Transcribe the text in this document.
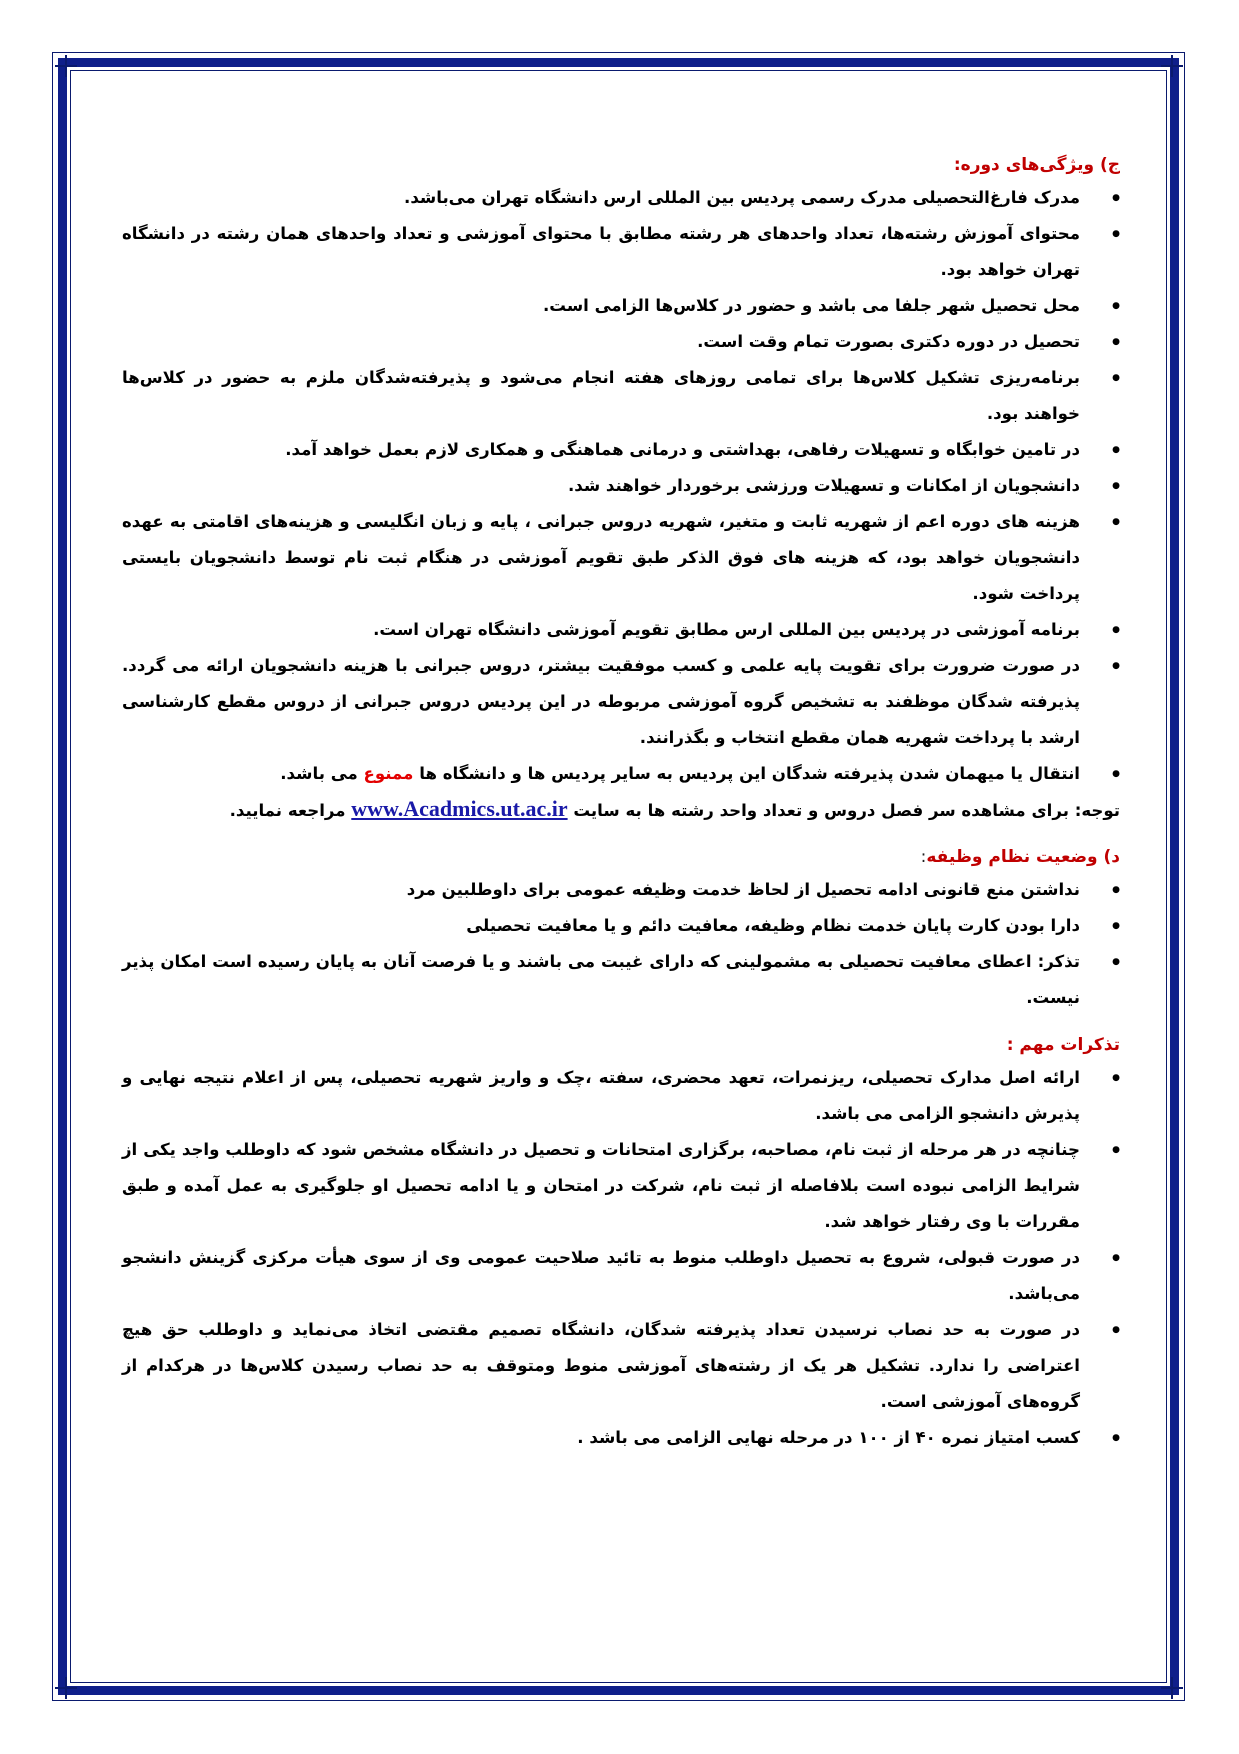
ج) ویژگی‌های دوره:
● مدرک فارغ‌التحصیلی مدرک رسمی پردیس بین المللی ارس دانشگاه تهران می‌باشد.
● محتوای آموزش رشته‌ها، تعداد واحدهای هر رشته مطابق با محتوای آموزشی و تعداد واحدهای همان رشته در دانشگاه تهران خواهد بود.
● محل تحصیل شهر جلفا می باشد و حضور در کلاس‌ها الزامی است.
● تحصیل در دوره دکتری بصورت تمام وقت است.
● برنامه‌ریزی تشکیل کلاس‌ها برای تمامی روزهای هفته انجام می‌شود و پذیرفته‌شدگان ملزم به حضور در کلاس‌ها خواهند بود.
● در تامین خوابگاه و تسهیلات رفاهی، بهداشتی و درمانی هماهنگی و همکاری لازم بعمل خواهد آمد.
● دانشجویان از امکانات و تسهیلات ورزشی برخوردار خواهند شد.
● هزینه های دوره اعم از شهریه ثابت و متغیر، شهریه دروس جبرانی ، پایه و زبان انگلیسی و هزینه‌های اقامتی به عهده دانشجویان خواهد بود، که هزینه های فوق الذکر طبق تقویم آموزشی در هنگام ثبت نام توسط دانشجویان بایستی پرداخت شود.
● برنامه آموزشی در پردیس بین المللی ارس مطابق تقویم آموزشی دانشگاه تهران است.
● در صورت ضرورت برای تقویت پایه علمی و کسب موفقیت بیشتر، دروس جبرانی با هزینه دانشجویان ارائه می گردد. پذیرفته شدگان موظفند به تشخیص گروه آموزشی مربوطه در این پردیس دروس جبرانی از دروس مقطع کارشناسی ارشد با پرداخت شهریه همان مقطع انتخاب و بگذرانند.
● انتقال یا میهمان شدن پذیرفته شدگان این پردیس به سایر پردیس ها و دانشگاه ها ممنوع می باشد.

توجه: برای مشاهده سر فصل دروس و تعداد واحد رشته ها به سایت www.Acadmics.ut.ac.ir مراجعه نمایید.

د) وضعیت نظام وظیفه:
● نداشتن منع قانونی ادامه تحصیل از لحاظ خدمت وظیفه عمومی برای داوطلبین مرد
● دارا بودن کارت پایان خدمت نظام وظیفه، معافیت دائم و یا معافیت تحصیلی
● تذکر: اعطای معافیت تحصیلی به مشمولینی که دارای غیبت می باشند و یا فرصت آنان به پایان رسیده است امکان پذیر نیست.
تذکرات مهم :
● ارائه اصل مدارک تحصیلی، ریزنمرات، تعهد محضری، سفته ،چک و واریز شهریه تحصیلی، پس از اعلام نتیجه نهایی و پذیرش دانشجو الزامی می باشد.
● چنانچه در هر مرحله از ثبت نام، مصاحبه، برگزاری امتحانات و تحصیل در دانشگاه مشخص شود که داوطلب واجد یکی از شرایط الزامی نبوده است بلافاصله از ثبت نام، شرکت در امتحان و یا ادامه تحصیل او جلوگیری به عمل آمده و طبق مقررات با وی رفتار خواهد شد.
● در صورت قبولی، شروع به تحصیل داوطلب منوط به تائید صلاحیت عمومی وی از سوی هیأت مرکزی گزینش دانشجو می‌باشد.
● در صورت به حد نصاب نرسیدن تعداد پذیرفته شدگان، دانشگاه تصمیم مقتضی اتخاذ می‌نماید و داوطلب حق هیچ اعتراضی را ندارد. تشکیل هر یک از رشته‌های آموزشی منوط ومتوقف به حد نصاب رسیدن کلاس‌ها در هرکدام از گروه‌های آموزشی است.
● کسب امتیاز نمره ۴۰ از ۱۰۰ در مرحله نهایی الزامی می باشد .
